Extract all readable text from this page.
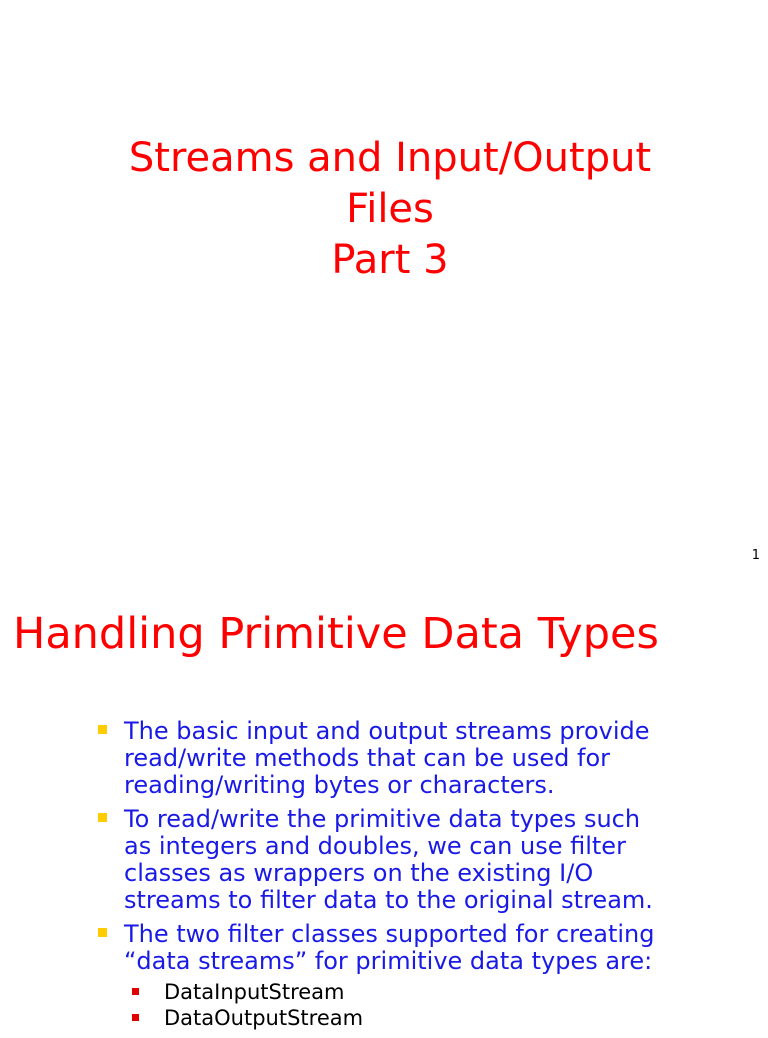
Streams and Input/Output
Files
Part 3
1
Handling Primitive Data Types
The basic input and output streams provide
read/write methods that can be used for
reading/writing bytes or characters.
To read/write the primitive data types such
as integers and doubles, we can use filter
classes as wrappers on the existing I/O
streams to filter data to the original stream.
The two filter classes supported for creating
“data streams” for primitive data types are:
DataInputStream
DataOutputStream
